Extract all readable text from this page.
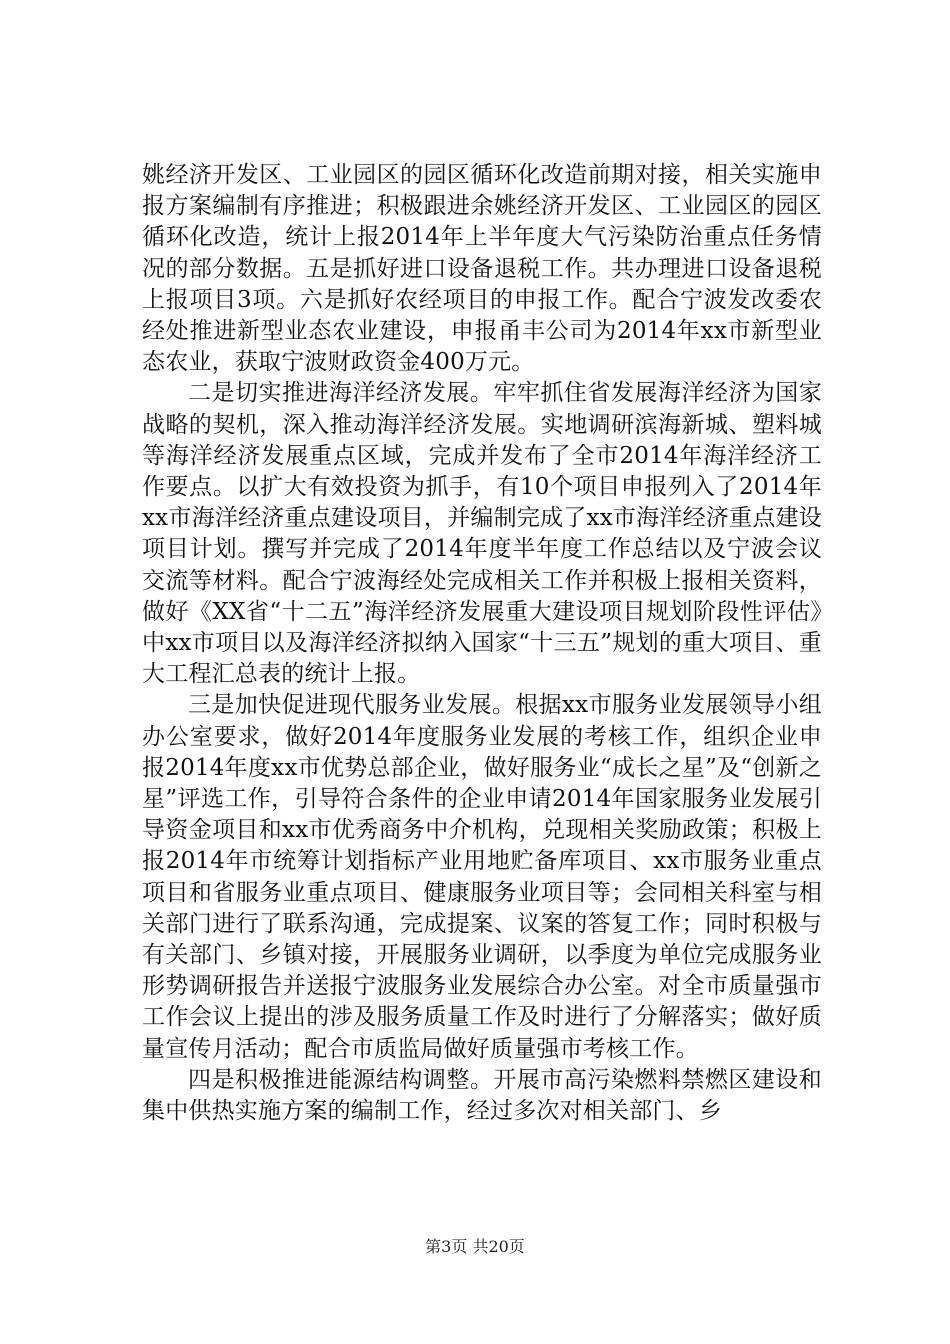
姚经济开发区、工业园区的园区循环化改造前期对接，相关实施申报方案编制有序推进；积极跟进余姚经济开发区、工业园区的园区循环化改造，统计上报2014年上半年度大气污染防治重点任务情况的部分数据。五是抓好进口设备退税工作。共办理进口设备退税上报项目3项。六是抓好农经项目的申报工作。配合宁波发改委农经处推进新型业态农业建设，申报甬丰公司为2014年xx市新型业态农业，获取宁波财政资金400万元。

二是切实推进海洋经济发展。牢牢抓住省发展海洋经济为国家战略的契机，深入推动海洋经济发展。实地调研滨海新城、塑料城等海洋经济发展重点区域，完成并发布了全市2014年海洋经济工作要点。以扩大有效投资为抓手，有10个项目申报列入了2014年xx市海洋经济重点建设项目，并编制完成了xx市海洋经济重点建设项目计划。撰写并完成了2014年度半年度工作总结以及宁波会议交流等材料。配合宁波海经处完成相关工作并积极上报相关资料，做好《XX省“十二五”海洋经济发展重大建设项目规划阶段性评估》中xx市项目以及海洋经济拟纳入国家“十三五”规划的重大项目、重大工程汇总表的统计上报。

三是加快促进现代服务业发展。根据xx市服务业发展领导小组办公室要求，做好2014年度服务业发展的考核工作，组织企业申报2014年度xx市优势总部企业，做好服务业“成长之星”及“创新之星”评选工作，引导符合条件的企业申请2014年国家服务业发展引导资金项目和xx市优秀商务中介机构，兑现相关奖励政策；积极上报2014年市统筹计划指标产业用地贮备库项目、xx市服务业重点项目和省服务业重点项目、健康服务业项目等；会同相关科室与相关部门进行了联系沟通，完成提案、议案的答复工作；同时积极与有关部门、乡镇对接，开展服务业调研，以季度为单位完成服务业形势调研报告并送报宁波服务业发展综合办公室。对全市质量强市工作会议上提出的涉及服务质量工作及时进行了分解落实；做好质量宣传月活动；配合市质监局做好质量强市考核工作。

四是积极推进能源结构调整。开展市高污染燃料禁燃区建设和集中供热实施方案的编制工作，经过多次对相关部门、乡

第3页 共20页
